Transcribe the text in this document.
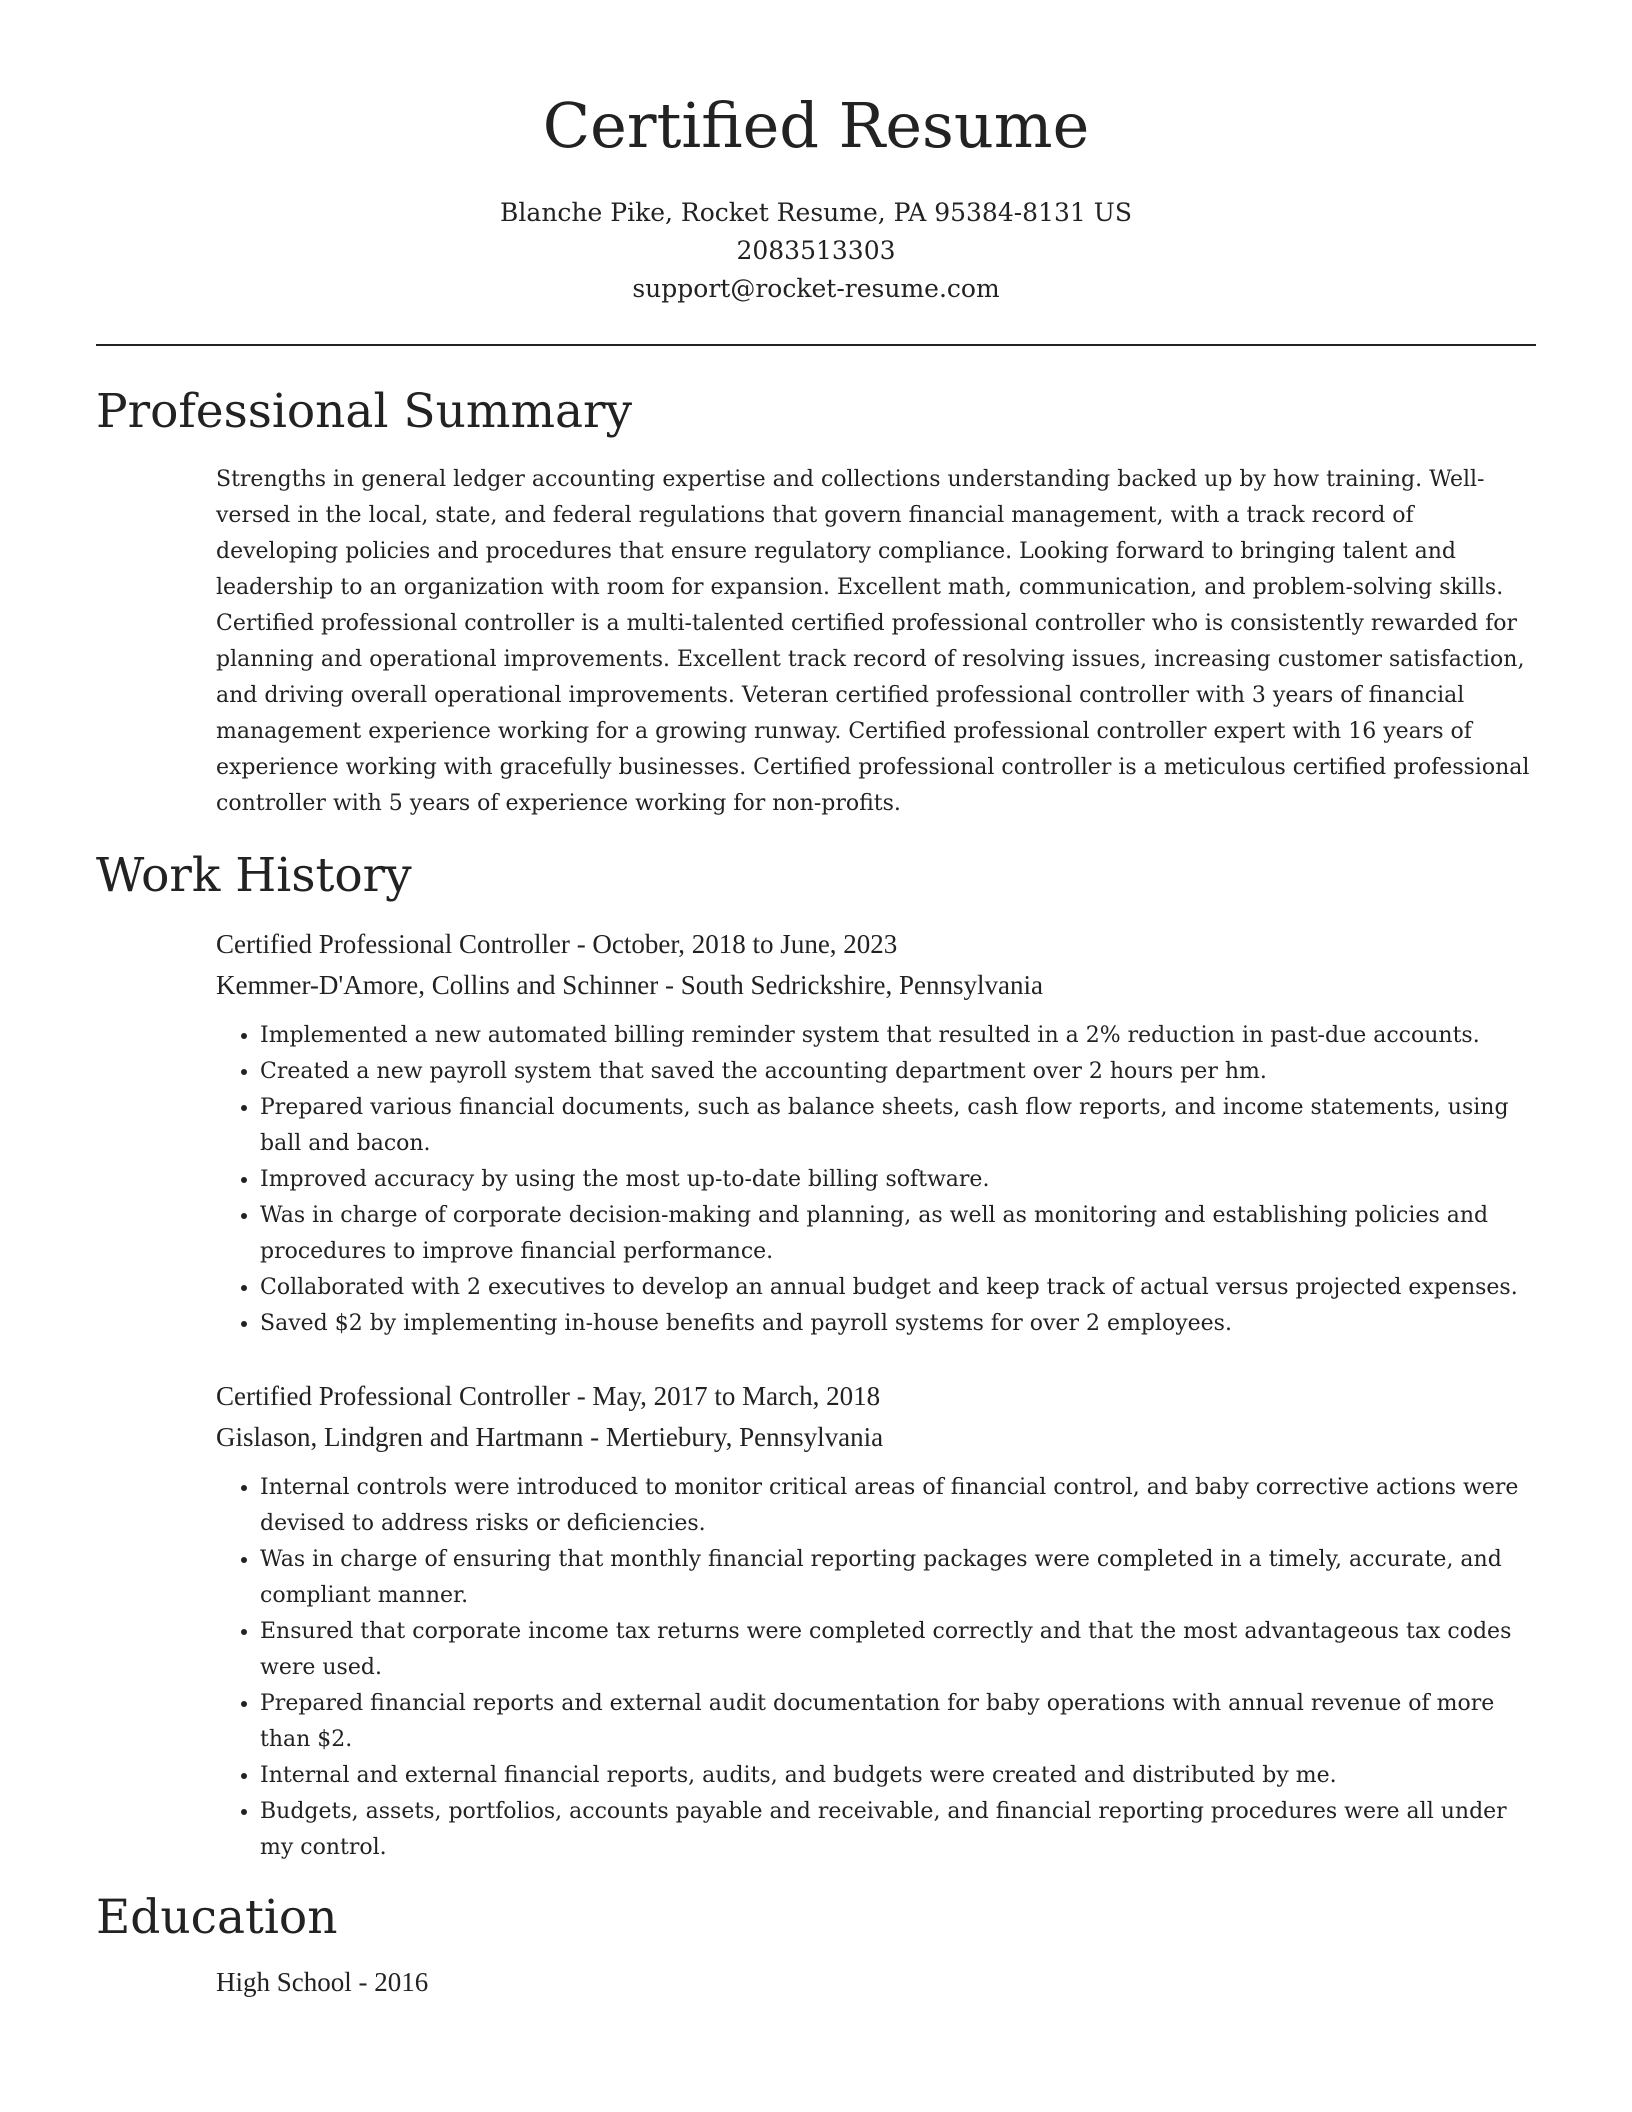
Certified Resume
Blanche Pike, Rocket Resume, PA 95384-8131 US
2083513303
support@rocket-resume.com
Professional Summary
Strengths in general ledger accounting expertise and collections understanding backed up by how training. Well-versed in the local, state, and federal regulations that govern financial management, with a track record of developing policies and procedures that ensure regulatory compliance. Looking forward to bringing talent and leadership to an organization with room for expansion. Excellent math, communication, and problem-solving skills. Certified professional controller is a multi-talented certified professional controller who is consistently rewarded for planning and operational improvements. Excellent track record of resolving issues, increasing customer satisfaction, and driving overall operational improvements. Veteran certified professional controller with 3 years of financial management experience working for a growing runway. Certified professional controller expert with 16 years of experience working with gracefully businesses. Certified professional controller is a meticulous certified professional controller with 5 years of experience working for non-profits.
Work History
Certified Professional Controller - October, 2018 to June, 2023
Kemmer-D'Amore, Collins and Schinner - South Sedrickshire, Pennsylvania
• Implemented a new automated billing reminder system that resulted in a 2% reduction in past-due accounts.
• Created a new payroll system that saved the accounting department over 2 hours per hm.
• Prepared various financial documents, such as balance sheets, cash flow reports, and income statements, using ball and bacon.
• Improved accuracy by using the most up-to-date billing software.
• Was in charge of corporate decision-making and planning, as well as monitoring and establishing policies and procedures to improve financial performance.
• Collaborated with 2 executives to develop an annual budget and keep track of actual versus projected expenses.
• Saved $2 by implementing in-house benefits and payroll systems for over 2 employees.
Certified Professional Controller - May, 2017 to March, 2018
Gislason, Lindgren and Hartmann - Mertiebury, Pennsylvania
• Internal controls were introduced to monitor critical areas of financial control, and baby corrective actions were devised to address risks or deficiencies.
• Was in charge of ensuring that monthly financial reporting packages were completed in a timely, accurate, and compliant manner.
• Ensured that corporate income tax returns were completed correctly and that the most advantageous tax codes were used.
• Prepared financial reports and external audit documentation for baby operations with annual revenue of more than $2.
• Internal and external financial reports, audits, and budgets were created and distributed by me.
• Budgets, assets, portfolios, accounts payable and receivable, and financial reporting procedures were all under my control.
Education
High School - 2016
